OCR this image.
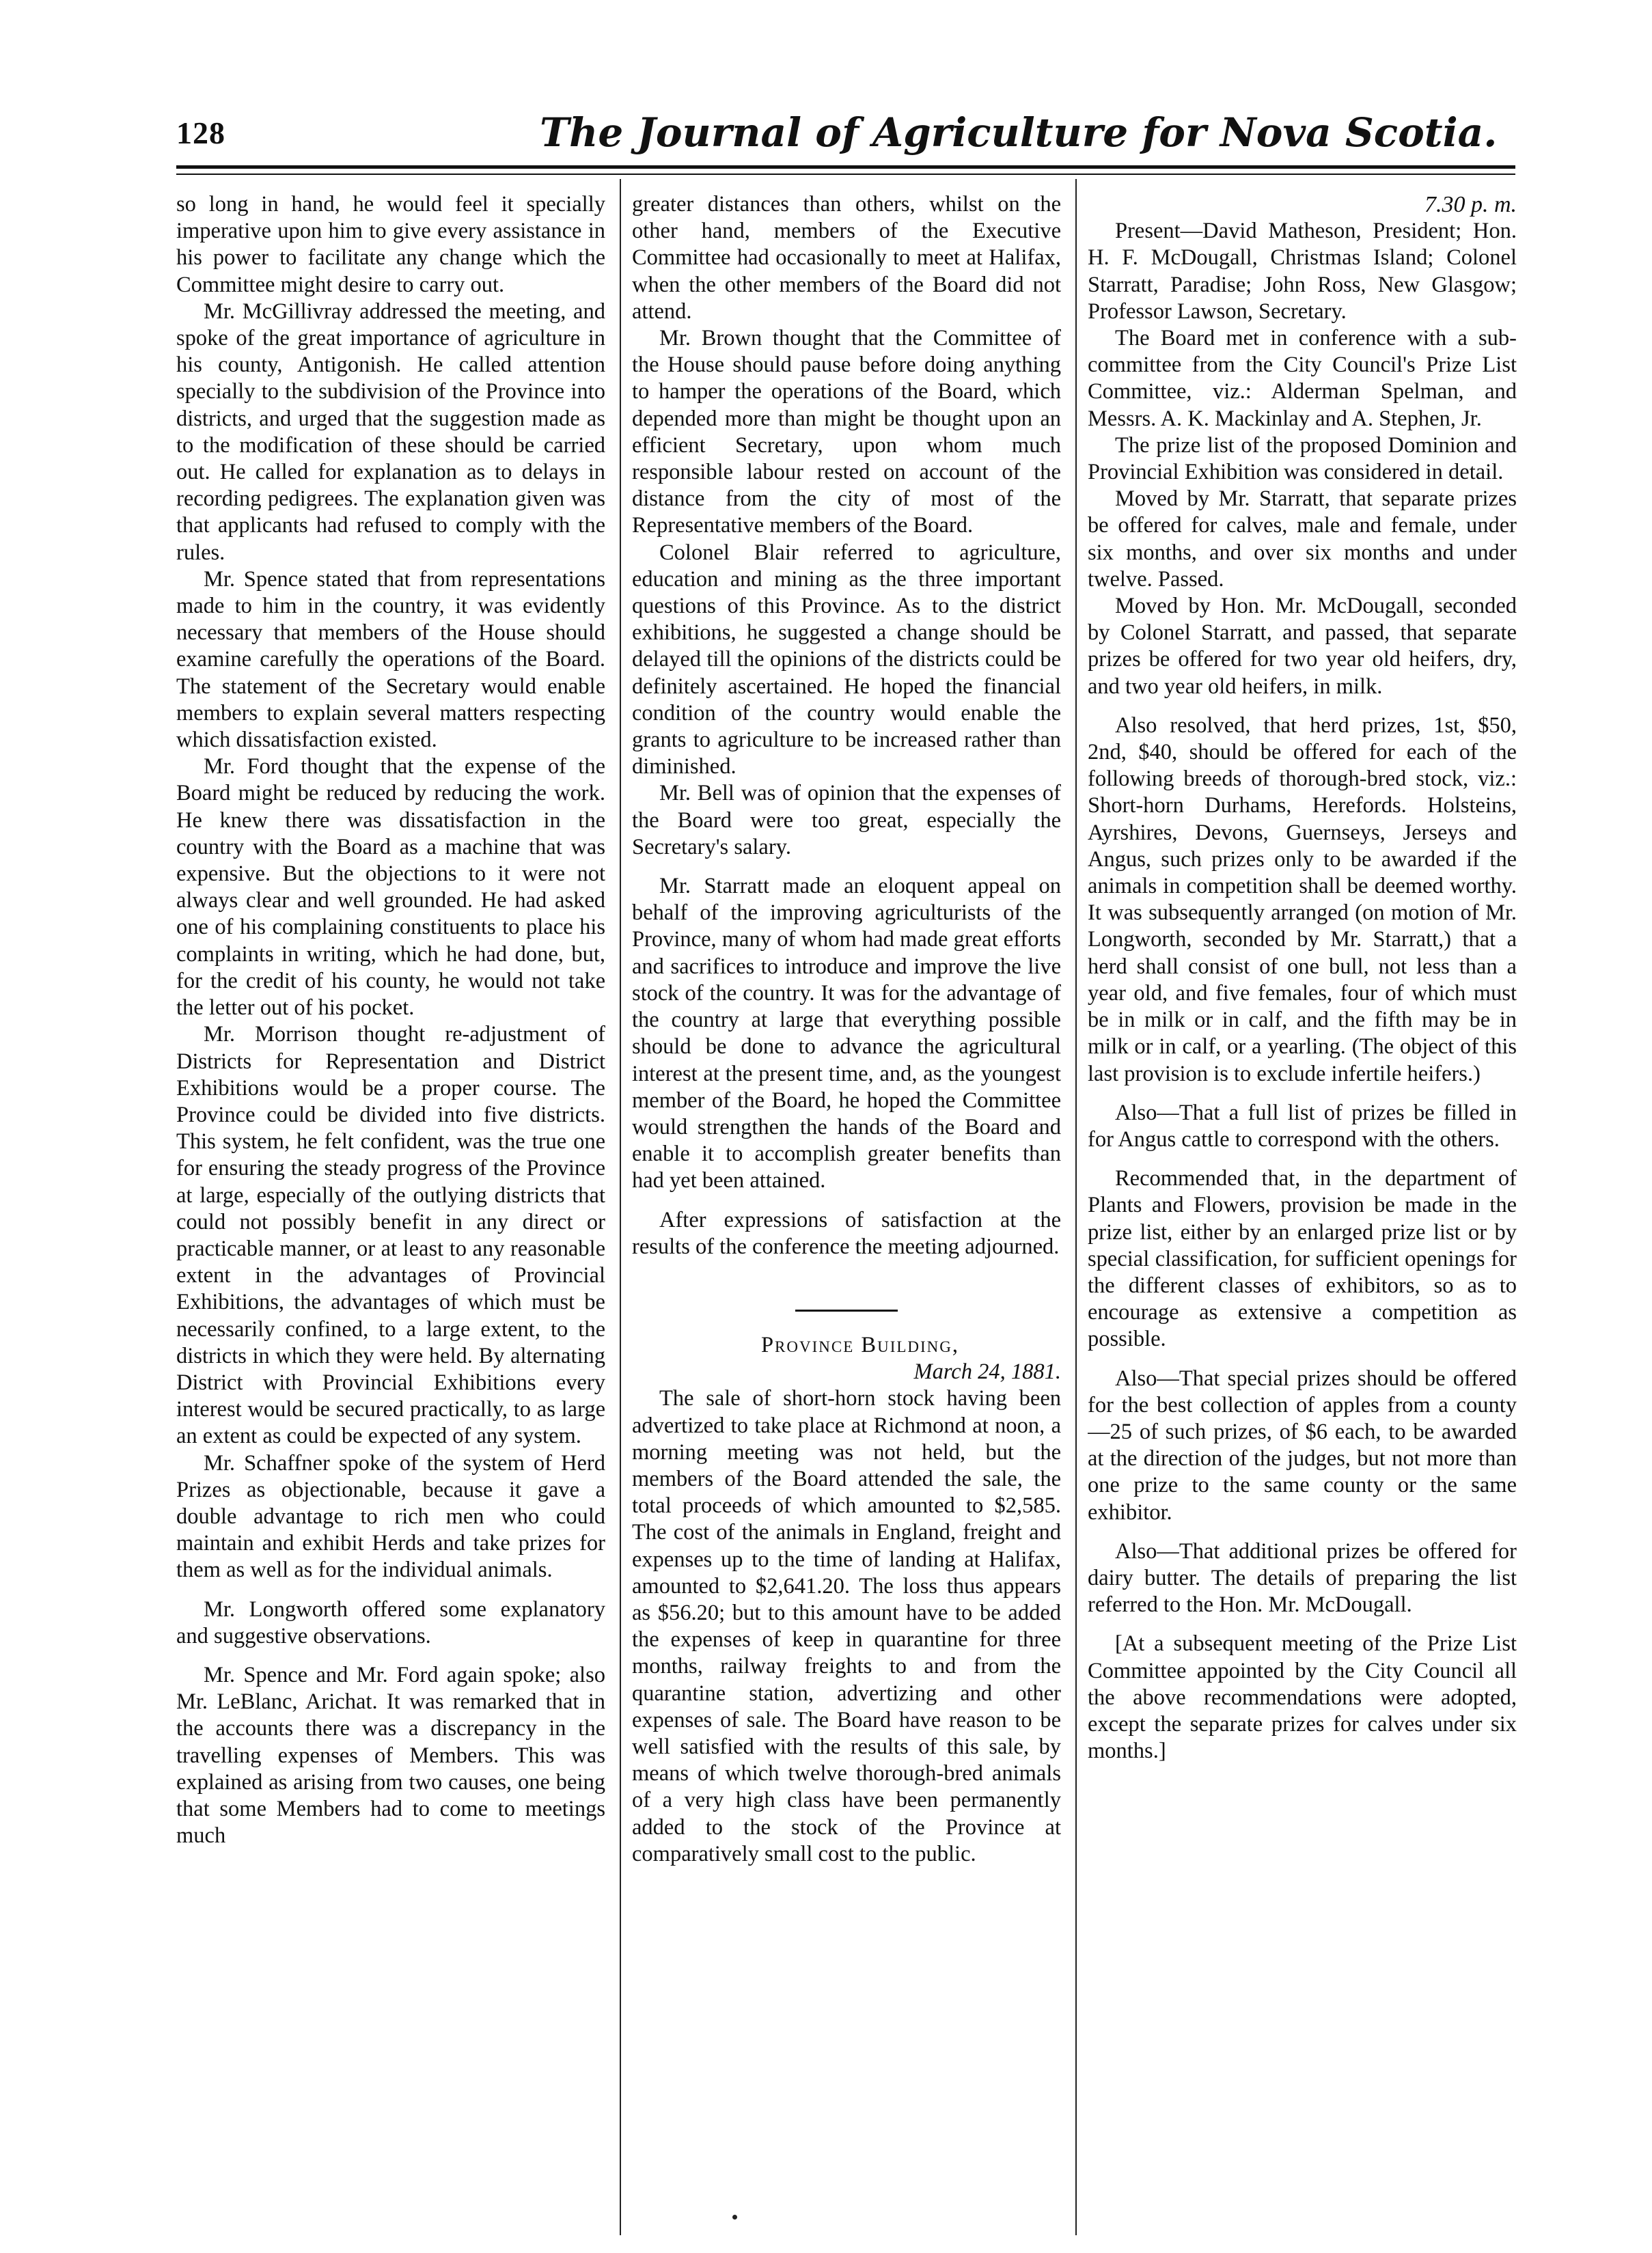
128	The Journal of Agriculture for Nova Scotia.

so long in hand, he would feel it specially imperative upon him to give every assistance in his power to facilitate any change which the Committee might desire to carry out.

Mr. McGillivray addressed the meeting, and spoke of the great importance of agriculture in his county, Antigonish. He called attention specially to the subdivision of the Province into districts, and urged that the suggestion made as to the modification of these should be carried out. He called for explanation as to delays in recording pedigrees. The explanation given was that applicants had refused to comply with the rules.

Mr. Spence stated that from representations made to him in the country, it was evidently necessary that members of the House should examine carefully the operations of the Board. The statement of the Secretary would enable members to explain several matters respecting which dissatisfaction existed.

Mr. Ford thought that the expense of the Board might be reduced by reducing the work. He knew there was dissatisfaction in the country with the Board as a machine that was expensive. But the objections to it were not always clear and well grounded. He had asked one of his complaining constituents to place his complaints in writing, which he had done, but, for the credit of his county, he would not take the letter out of his pocket.

Mr. Morrison thought re-adjustment of Districts for Representation and District Exhibitions would be a proper course. The Province could be divided into five districts. This system, he felt confident, was the true one for ensuring the steady progress of the Province at large, especially of the outlying districts that could not possibly benefit in any direct or practicable manner, or at least to any reasonable extent in the advantages of Provincial Exhibitions, the advantages of which must be necessarily confined, to a large extent, to the districts in which they were held. By alternating District with Provincial Exhibitions every interest would be secured practically, to as large an extent as could be expected of any system.

Mr. Schaffner spoke of the system of Herd Prizes as objectionable, because it gave a double advantage to rich men who could maintain and exhibit Herds and take prizes for them as well as for the individual animals.

Mr. Longworth offered some explanatory and suggestive observations.

Mr. Spence and Mr. Ford again spoke; also Mr. LeBlanc, Arichat. It was remarked that in the accounts there was a discrepancy in the travelling expenses of Members. This was explained as arising from two causes, one being that some Members had to come to meetings much

greater distances than others, whilst on the other hand, members of the Executive Committee had occasionally to meet at Halifax, when the other members of the Board did not attend.

Mr. Brown thought that the Committee of the House should pause before doing anything to hamper the operations of the Board, which depended more than might be thought upon an efficient Secretary, upon whom much responsible labour rested on account of the distance from the city of most of the Representative members of the Board.

Colonel Blair referred to agriculture, education and mining as the three important questions of this Province. As to the district exhibitions, he suggested a change should be delayed till the opinions of the districts could be definitely ascertained. He hoped the financial condition of the country would enable the grants to agriculture to be increased rather than diminished.

Mr. Bell was of opinion that the expenses of the Board were too great, especially the Secretary's salary.

Mr. Starratt made an eloquent appeal on behalf of the improving agriculturists of the Province, many of whom had made great efforts and sacrifices to introduce and improve the live stock of the country. It was for the advantage of the country at large that everything possible should be done to advance the agricultural interest at the present time, and, as the youngest member of the Board, he hoped the Committee would strengthen the hands of the Board and enable it to accomplish greater benefits than had yet been attained.

After expressions of satisfaction at the results of the conference the meeting adjourned.

Province Building,

March 24, 1881.

The sale of short-horn stock having been advertized to take place at Richmond at noon, a morning meeting was not held, but the members of the Board attended the sale, the total proceeds of which amounted to $2,585. The cost of the animals in England, freight and expenses up to the time of landing at Halifax, amounted to $2,641.20. The loss thus appears as $56.20; but to this amount have to be added the expenses of keep in quarantine for three months, railway freights to and from the quarantine station, advertizing and other expenses of sale. The Board have reason to be well satisfied with the results of this sale, by means of which twelve thorough-bred animals of a very high class have been permanently added to the stock of the Province at comparatively small cost to the public.

7.30 p. m.

Present—David Matheson, President; Hon. H. F. McDougall, Christmas Island; Colonel Starratt, Paradise; John Ross, New Glasgow; Professor Lawson, Secretary.

The Board met in conference with a sub-committee from the City Council's Prize List Committee, viz.: Alderman Spelman, and Messrs. A. K. Mackinlay and A. Stephen, Jr.

The prize list of the proposed Dominion and Provincial Exhibition was considered in detail.

Moved by Mr. Starratt, that separate prizes be offered for calves, male and female, under six months, and over six months and under twelve. Passed.

Moved by Hon. Mr. McDougall, seconded by Colonel Starratt, and passed, that separate prizes be offered for two year old heifers, dry, and two year old heifers, in milk.

Also resolved, that herd prizes, 1st, $50, 2nd, $40, should be offered for each of the following breeds of thorough-bred stock, viz.: Short-horn Durhams, Herefords. Holsteins, Ayrshires, Devons, Guernseys, Jerseys and Angus, such prizes only to be awarded if the animals in competition shall be deemed worthy. It was subsequently arranged (on motion of Mr. Longworth, seconded by Mr. Starratt,) that a herd shall consist of one bull, not less than a year old, and five females, four of which must be in milk or in calf, and the fifth may be in milk or in calf, or a yearling. (The object of this last provision is to exclude infertile heifers.)

Also—That a full list of prizes be filled in for Angus cattle to correspond with the others.

Recommended that, in the department of Plants and Flowers, provision be made in the prize list, either by an enlarged prize list or by special classification, for sufficient openings for the different classes of exhibitors, so as to encourage as extensive a competition as possible.

Also—That special prizes should be offered for the best collection of apples from a county—25 of such prizes, of $6 each, to be awarded at the direction of the judges, but not more than one prize to the same county or the same exhibitor.

Also—That additional prizes be offered for dairy butter. The details of preparing the list referred to the Hon. Mr. McDougall.

[At a subsequent meeting of the Prize List Committee appointed by the City Council all the above recommendations were adopted, except the separate prizes for calves under six months.]
